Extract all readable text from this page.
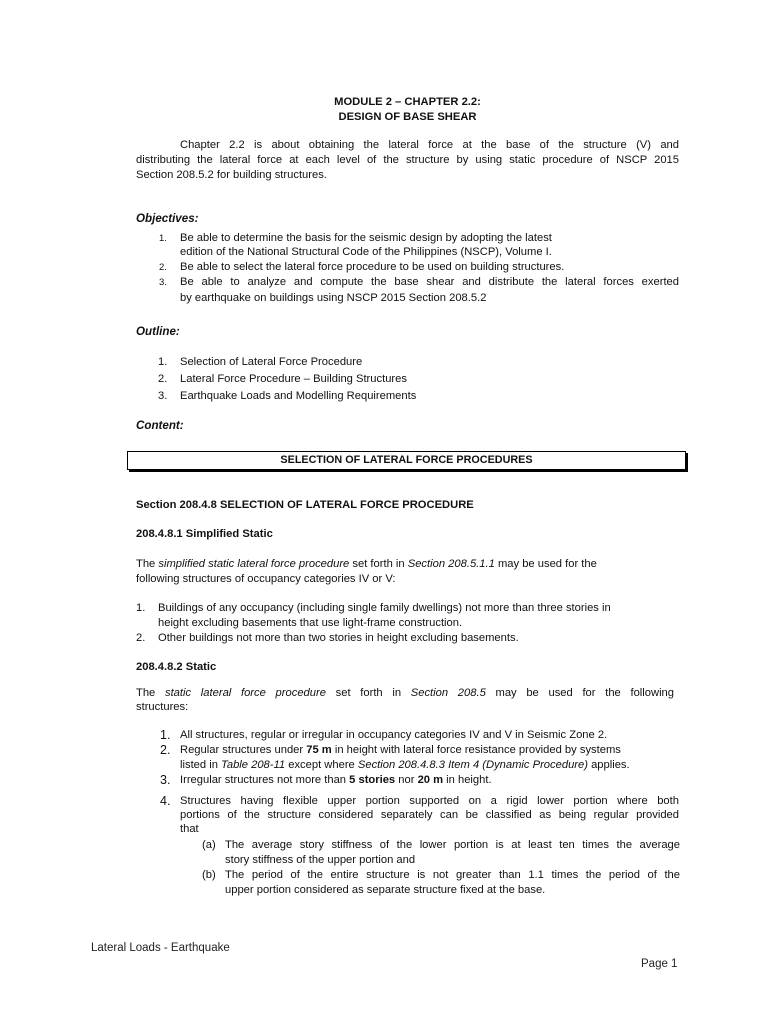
MODULE 2 – CHAPTER 2.2:
DESIGN OF BASE SHEAR
Chapter 2.2 is about obtaining the lateral force at the base of the structure (V) and
distributing the lateral force at each level of the structure by using static procedure of NSCP 2015
Section 208.5.2 for building structures.
Objectives:
1.	Be able to determine the basis for the seismic design by adopting the latest
edition of the National Structural Code of the Philippines (NSCP), Volume I.
2.	Be able to select the lateral force procedure to be used on building structures.
3.	Be able to analyze and compute the base shear and distribute the lateral forces exerted
by earthquake on buildings using NSCP 2015 Section 208.5.2
Outline:
1. Selection of Lateral Force Procedure
2. Lateral Force Procedure – Building Structures
3. Earthquake Loads and Modelling Requirements
Content:
SELECTION OF LATERAL FORCE PROCEDURES
Section 208.4.8 SELECTION OF LATERAL FORCE PROCEDURE
208.4.8.1 Simplified Static
The simplified static lateral force procedure set forth in Section 208.5.1.1 may be used for the
following structures of occupancy categories IV or V:
1. Buildings of any occupancy (including single family dwellings) not more than three stories in
height excluding basements that use light-frame construction.
2. Other buildings not more than two stories in height excluding basements.
208.4.8.2 Static
The static lateral force procedure set forth in Section 208.5 may be used for the following
structures:
1. All structures, regular or irregular in occupancy categories IV and V in Seismic Zone 2.
2. Regular structures under 75 m in height with lateral force resistance provided by systems
listed in Table 208-11 except where Section 208.4.8.3 Item 4 (Dynamic Procedure) applies.
3. Irregular structures not more than 5 stories nor 20 m in height.
4. Structures having flexible upper portion supported on a rigid lower portion where both
portions of the structure considered separately can be classified as being regular provided
that
(a) The average story stiffness of the lower portion is at least ten times the average
story stiffness of the upper portion and
(b) The period of the entire structure is not greater than 1.1 times the period of the
upper portion considered as separate structure fixed at the base.
Lateral Loads - Earthquake
Page 1
